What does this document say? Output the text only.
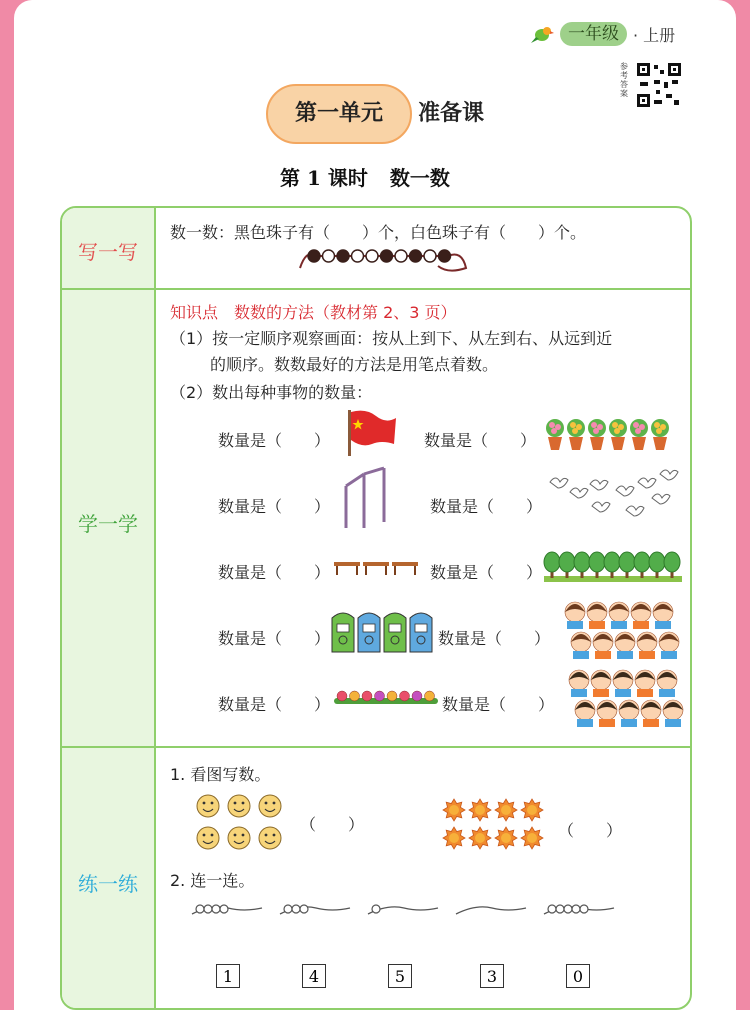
一年级 · 上册
参考答案
第一单元	准备课
第 1 课时 数一数
写一写
学一学
练一练
数一数：黑色珠子有（　　）个，白色珠子有（　　）个。
知识点　数数的方法（教材第 2、3 页）
（1）按一定顺序观察画面：按从上到下、从左到右、从远到近
的顺序。数数最好的方法是用笔点着数。
（2）数出每种事物的数量：
数量是（　　）	数量是（　　）
数量是（　　）	数量是（　　）
数量是（　　）	数量是（　　）
数量是（　　）	数量是（　　）
数量是（　　）	数量是（　　）
1. 看图写数。
（　　）	（　　）
2. 连一连。
1	4	5	3	0
